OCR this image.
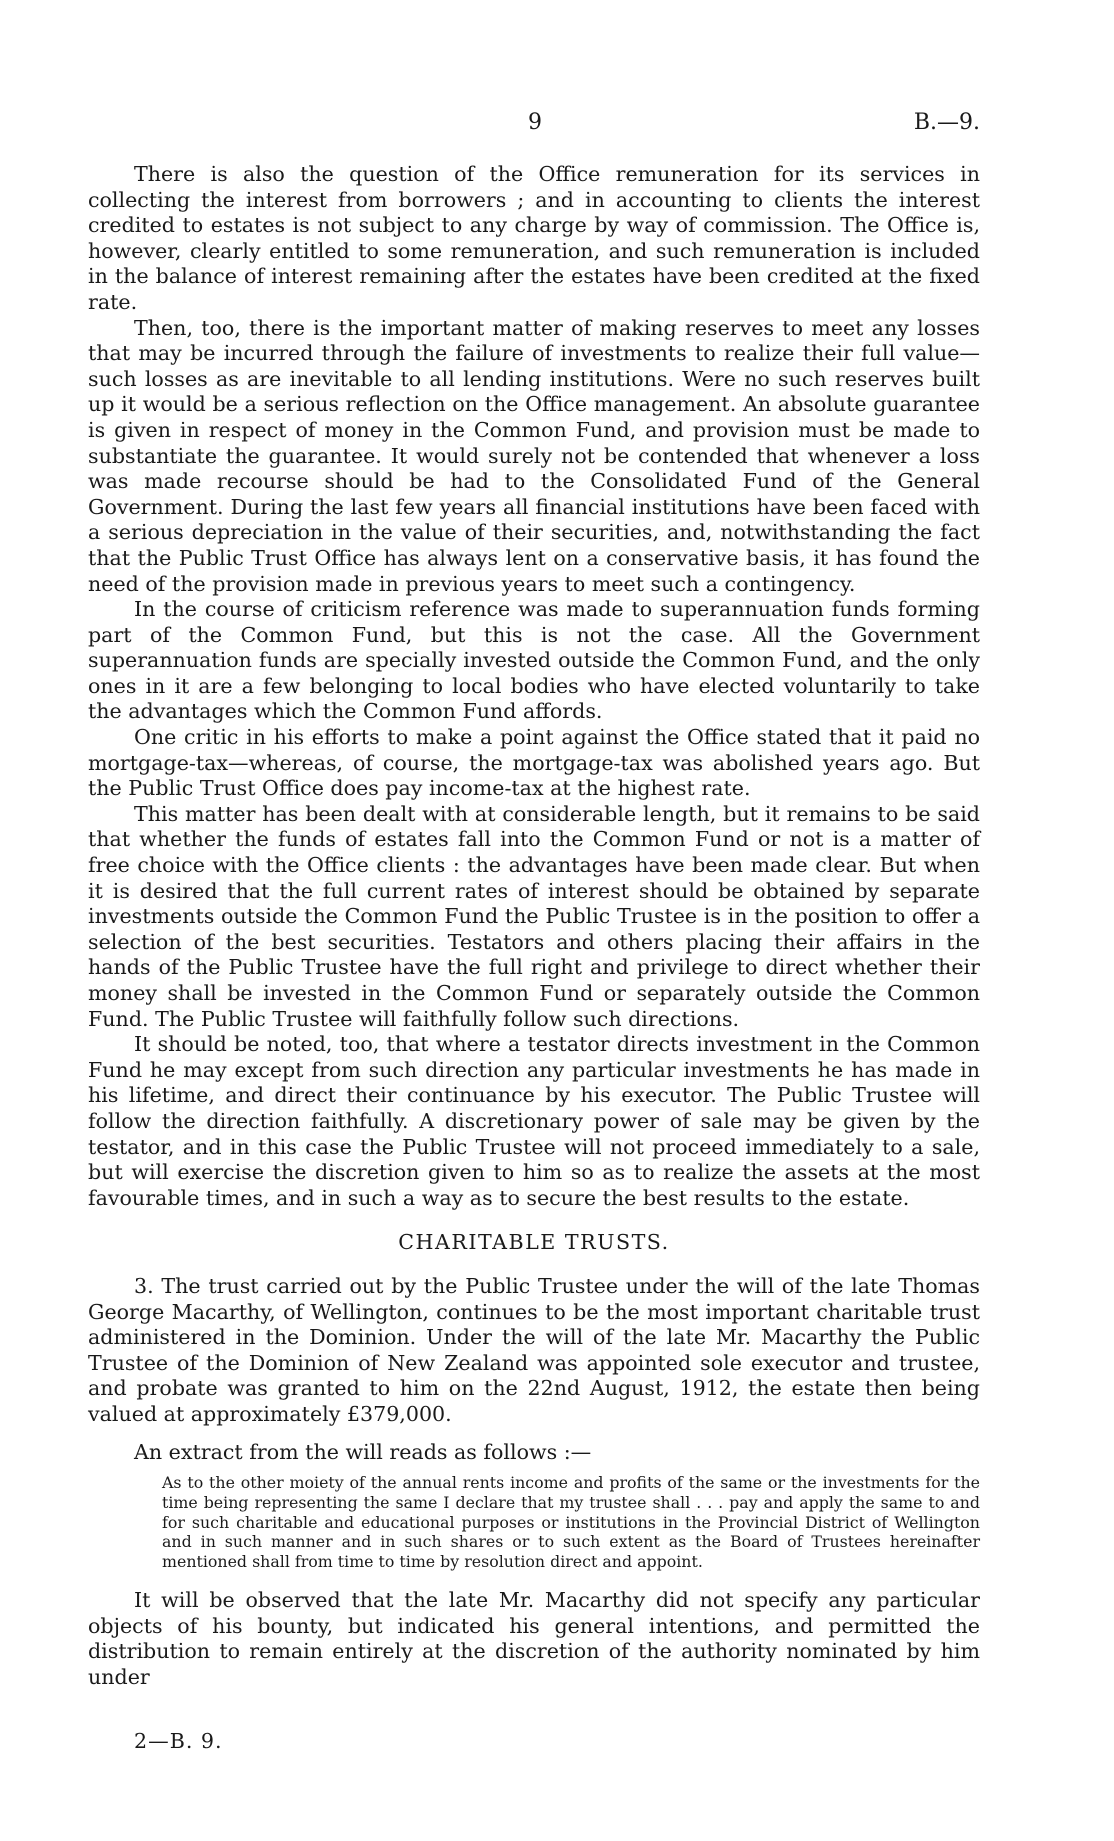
9	B.—9.

There is also the question of the Office remuneration for its services in collecting the interest from borrowers ; and in accounting to clients the interest credited to estates is not subject to any charge by way of commission. The Office is, however, clearly entitled to some remuneration, and such remuneration is included in the balance of interest remaining after the estates have been credited at the fixed rate.

Then, too, there is the important matter of making reserves to meet any losses that may be incurred through the failure of investments to realize their full value—such losses as are inevitable to all lending institutions. Were no such reserves built up it would be a serious reflection on the Office management. An absolute guarantee is given in respect of money in the Common Fund, and provision must be made to substantiate the guarantee. It would surely not be contended that whenever a loss was made recourse should be had to the Consolidated Fund of the General Government. During the last few years all financial institutions have been faced with a serious depreciation in the value of their securities, and, notwithstanding the fact that the Public Trust Office has always lent on a conservative basis, it has found the need of the provision made in previous years to meet such a contingency.

In the course of criticism reference was made to superannuation funds forming part of the Common Fund, but this is not the case. All the Government superannuation funds are specially invested outside the Common Fund, and the only ones in it are a few belonging to local bodies who have elected voluntarily to take the advantages which the Common Fund affords.

One critic in his efforts to make a point against the Office stated that it paid no mortgage-tax—whereas, of course, the mortgage-tax was abolished years ago. But the Public Trust Office does pay income-tax at the highest rate.

This matter has been dealt with at considerable length, but it remains to be said that whether the funds of estates fall into the Common Fund or not is a matter of free choice with the Office clients : the advantages have been made clear. But when it is desired that the full current rates of interest should be obtained by separate investments outside the Common Fund the Public Trustee is in the position to offer a selection of the best securities. Testators and others placing their affairs in the hands of the Public Trustee have the full right and privilege to direct whether their money shall be invested in the Common Fund or separately outside the Common Fund. The Public Trustee will faithfully follow such directions.

It should be noted, too, that where a testator directs investment in the Common Fund he may except from such direction any particular investments he has made in his lifetime, and direct their continuance by his executor. The Public Trustee will follow the direction faithfully. A discretionary power of sale may be given by the testator, and in this case the Public Trustee will not proceed immediately to a sale, but will exercise the discretion given to him so as to realize the assets at the most favourable times, and in such a way as to secure the best results to the estate.

CHARITABLE TRUSTS.

3. The trust carried out by the Public Trustee under the will of the late Thomas George Macarthy, of Wellington, continues to be the most important charitable trust administered in the Dominion. Under the will of the late Mr. Macarthy the Public Trustee of the Dominion of New Zealand was appointed sole executor and trustee, and probate was granted to him on the 22nd August, 1912, the estate then being valued at approximately £379,000.

An extract from the will reads as follows :—

As to the other moiety of the annual rents income and profits of the same or the investments for the time being representing the same I declare that my trustee shall . . . pay and apply the same to and for such charitable and educational purposes or institutions in the Provincial District of Wellington and in such manner and in such shares or to such extent as the Board of Trustees hereinafter mentioned shall from time to time by resolution direct and appoint.

It will be observed that the late Mr. Macarthy did not specify any particular objects of his bounty, but indicated his general intentions, and permitted the distribution to remain entirely at the discretion of the authority nominated by him under

2—B. 9.
